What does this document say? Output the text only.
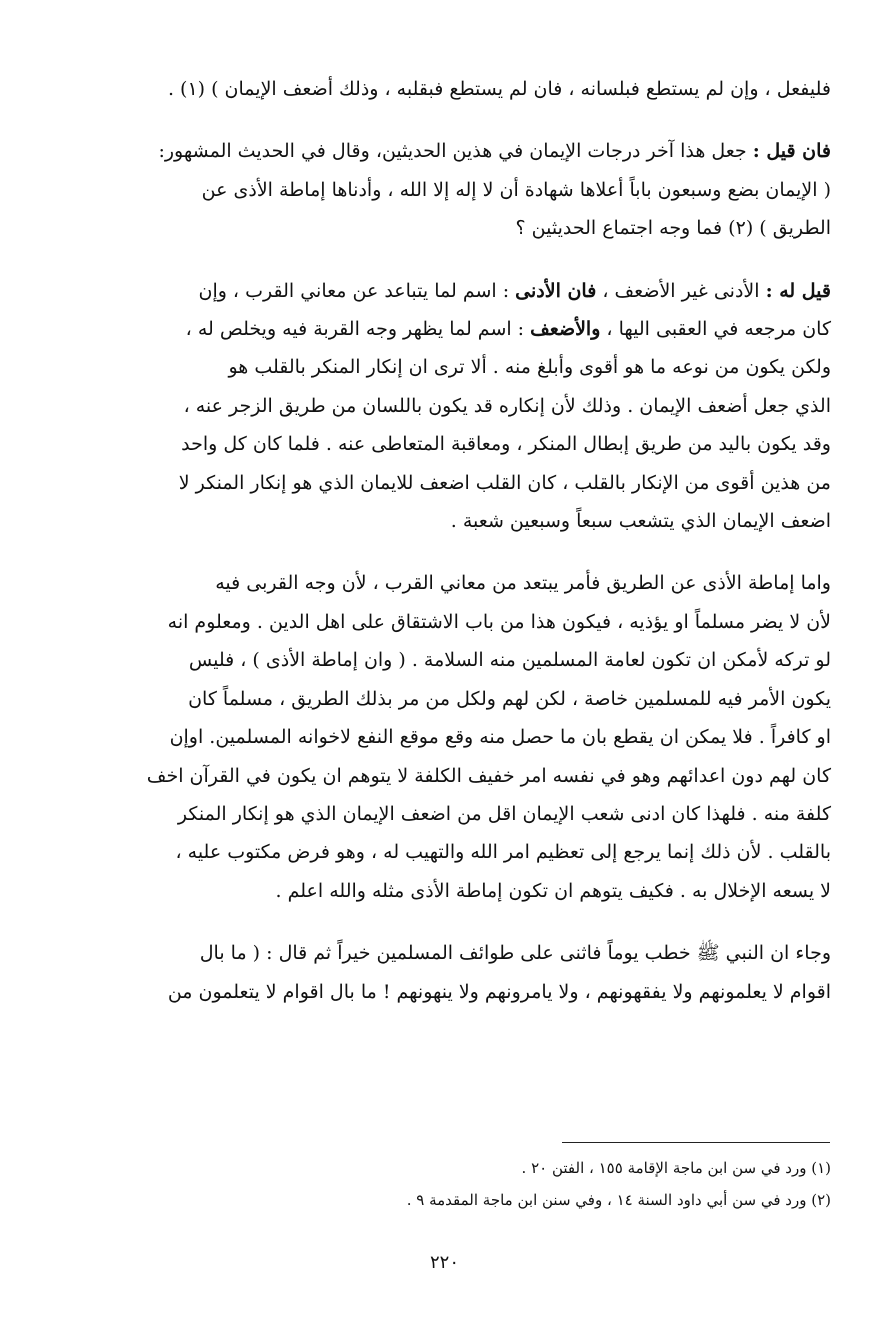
فليفعل ، وإن لم يستطع فبلسانه ، فان لم يستطع فبقلبه ، وذلك أضعف الإيمان ) (١) .
فان قيل : جعل هذا آخر درجات الإيمان في هذين الحديثين، وقال في الحديث المشهور:
( الإيمان بضع وسبعون باباً أعلاها شهادة أن لا إله إلا الله ، وأدناها إماطة الأذى عن
الطريق ) (٢) فما وجه اجتماع الحديثين ؟
قيل له : الأدنى غير الأضعف ، فان الأدنى : اسم لما يتباعد عن معاني القرب ، وإن
كان مرجعه في العقبى اليها ، والأضعف : اسم لما يظهر وجه القربة فيه ويخلص له ،
ولكن يكون من نوعه ما هو أقوى وأبلغ منه . ألا ترى ان إنكار المنكر بالقلب هو
الذي جعل أضعف الإيمان . وذلك لأن إنكاره قد يكون باللسان من طريق الزجر عنه ،
وقد يكون باليد من طريق إبطال المنكر ، ومعاقبة المتعاطى عنه . فلما كان كل واحد
من هذين أقوى من الإنكار بالقلب ، كان القلب اضعف للايمان الذي هو إنكار المنكر لا
اضعف الإيمان الذي يتشعب سبعاً وسبعين شعبة .
واما إماطة الأذى عن الطريق فأمر يبتعد من معاني القرب ، لأن وجه القربى فيه
لأن لا يضر مسلماً او يؤذيه ، فيكون هذا من باب الاشتقاق على اهل الدين . ومعلوم انه
لو تركه لأمكن ان تكون لعامة المسلمين منه السلامة . ( وان إماطة الأذى ) ، فليس
يكون الأمر فيه للمسلمين خاصة ، لكن لهم ولكل من مر بذلك الطريق ، مسلماً كان
او كافراً . فلا يمكن ان يقطع بان ما حصل منه وقع موقع النفع لاخوانه المسلمين. اوإن
كان لهم دون اعدائهم وهو في نفسه امر خفيف الكلفة لا يتوهم ان يكون في القرآن اخف
كلفة منه . فلهذا كان ادنى شعب الإيمان اقل من اضعف الإيمان الذي هو إنكار المنكر
بالقلب . لأن ذلك إنما يرجع إلى تعظيم امر الله والتهيب له ، وهو فرض مكتوب عليه ،
لا يسعه الإخلال به . فكيف يتوهم ان تكون إماطة الأذى مثله والله اعلم .
وجاء ان النبي ﷺ خطب يوماً فاثنى على طوائف المسلمين خيراً ثم قال : ( ما بال
اقوام لا يعلمونهم ولا يفقهونهم ، ولا يامرونهم ولا ينهونهم ! ما بال اقوام لا يتعلمون من
(١) ورد في سن ابن ماجة الإقامة ١٥٥ ، الفتن ٢٠ .
(٢) ورد في سن أبي داود السنة ١٤ ، وفي سنن ابن ماجة المقدمة ٩ .
٢٢٠
